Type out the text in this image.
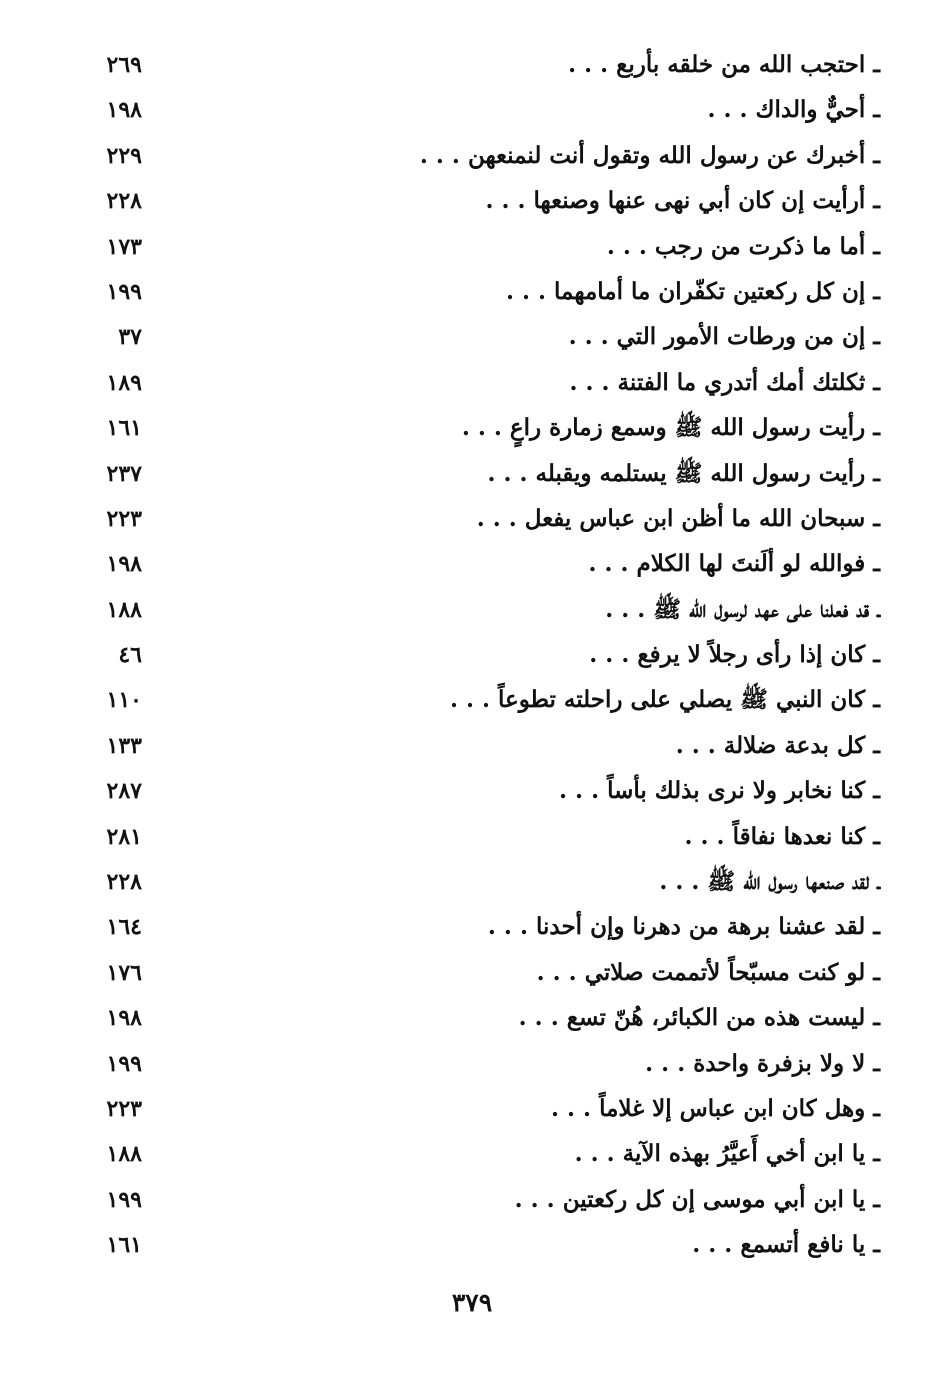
ـ احتجب الله من خلقه بأربع . . .
٢٦٩
ـ أحيٌّ والداك . . .
١٩٨
ـ أخبرك عن رسول الله وتقول أنت لنمنعهن . . .
٢٢٩
ـ أرأيت إن كان أبي نهى عنها وصنعها . . .
٢٢٨
ـ أما ما ذكرت من رجب . . .
١٧٣
ـ إن كل ركعتين تكفّران ما أمامهما . . .
١٩٩
ـ إن من ورطات الأمور التي . . .
٣٧
ـ ثكلتك أمك أتدري ما الفتنة . . .
١٨٩
ـ رأيت رسول الله ﷺ وسمع زمارة راعٍ . . .
١٦١
ـ رأيت رسول الله ﷺ يستلمه ويقبله . . .
٢٣٧
ـ سبحان الله ما أظن ابن عباس يفعل . . .
٢٢٣
ـ فوالله لو ألَنتَ لها الكلام . . .
١٩٨
ـ قد فعلنا على عهد لرسول الله ﷺ . . .
١٨٨
ـ كان إذا رأى رجلاً لا يرفع . . .
٤٦
ـ كان النبي ﷺ يصلي على راحلته تطوعاً . . .
١١٠
ـ كل بدعة ضلالة . . .
١٣٣
ـ كنا نخابر ولا نرى بذلك بأساً . . .
٢٨٧
ـ كنا نعدها نفاقاً . . .
٢٨١
ـ لقد صنعها رسول الله ﷺ . . .
٢٢٨
ـ لقد عشنا برهة من دهرنا وإن أحدنا . . .
١٦٤
ـ لو كنت مسبّحاً لأتممت صلاتي . . .
١٧٦
ـ ليست هذه من الكبائر، هُنّ تسع . . .
١٩٨
ـ لا ولا بزفرة واحدة . . .
١٩٩
ـ وهل كان ابن عباس إلا غلاماً . . .
٢٢٣
ـ يا ابن أخي أَعيَّرُ بهذه الآية . . .
١٨٨
ـ يا ابن أبي موسى إن كل ركعتين . . .
١٩٩
ـ يا نافع أتسمع . . .
١٦١
٣٧٩
